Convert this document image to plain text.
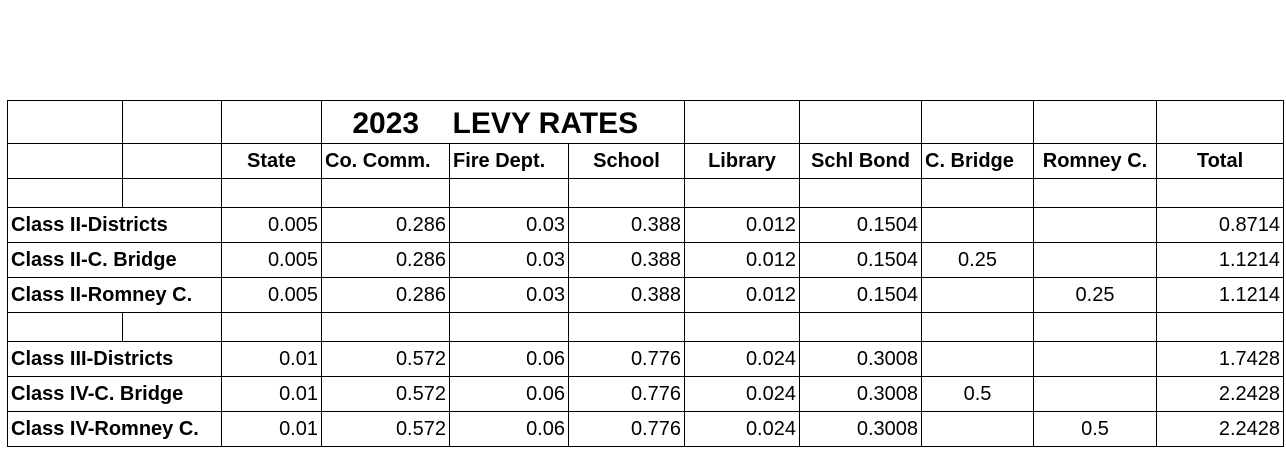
			2023	LEVY RATES						
		State	Co. Comm.	Fire Dept.	School	Library	Schl Bond	C. Bridge	Romney C.	Total

Class II-Districts		0.005	0.286	0.03	0.388	0.012	0.1504			0.8714
Class II-C. Bridge		0.005	0.286	0.03	0.388	0.012	0.1504	0.25		1.1214
Class II-Romney C.		0.005	0.286	0.03	0.388	0.012	0.1504		0.25	1.1214

Class III-Districts		0.01	0.572	0.06	0.776	0.024	0.3008			1.7428
Class IV-C. Bridge		0.01	0.572	0.06	0.776	0.024	0.3008	0.5		2.2428
Class IV-Romney C.		0.01	0.572	0.06	0.776	0.024	0.3008		0.5	2.2428
